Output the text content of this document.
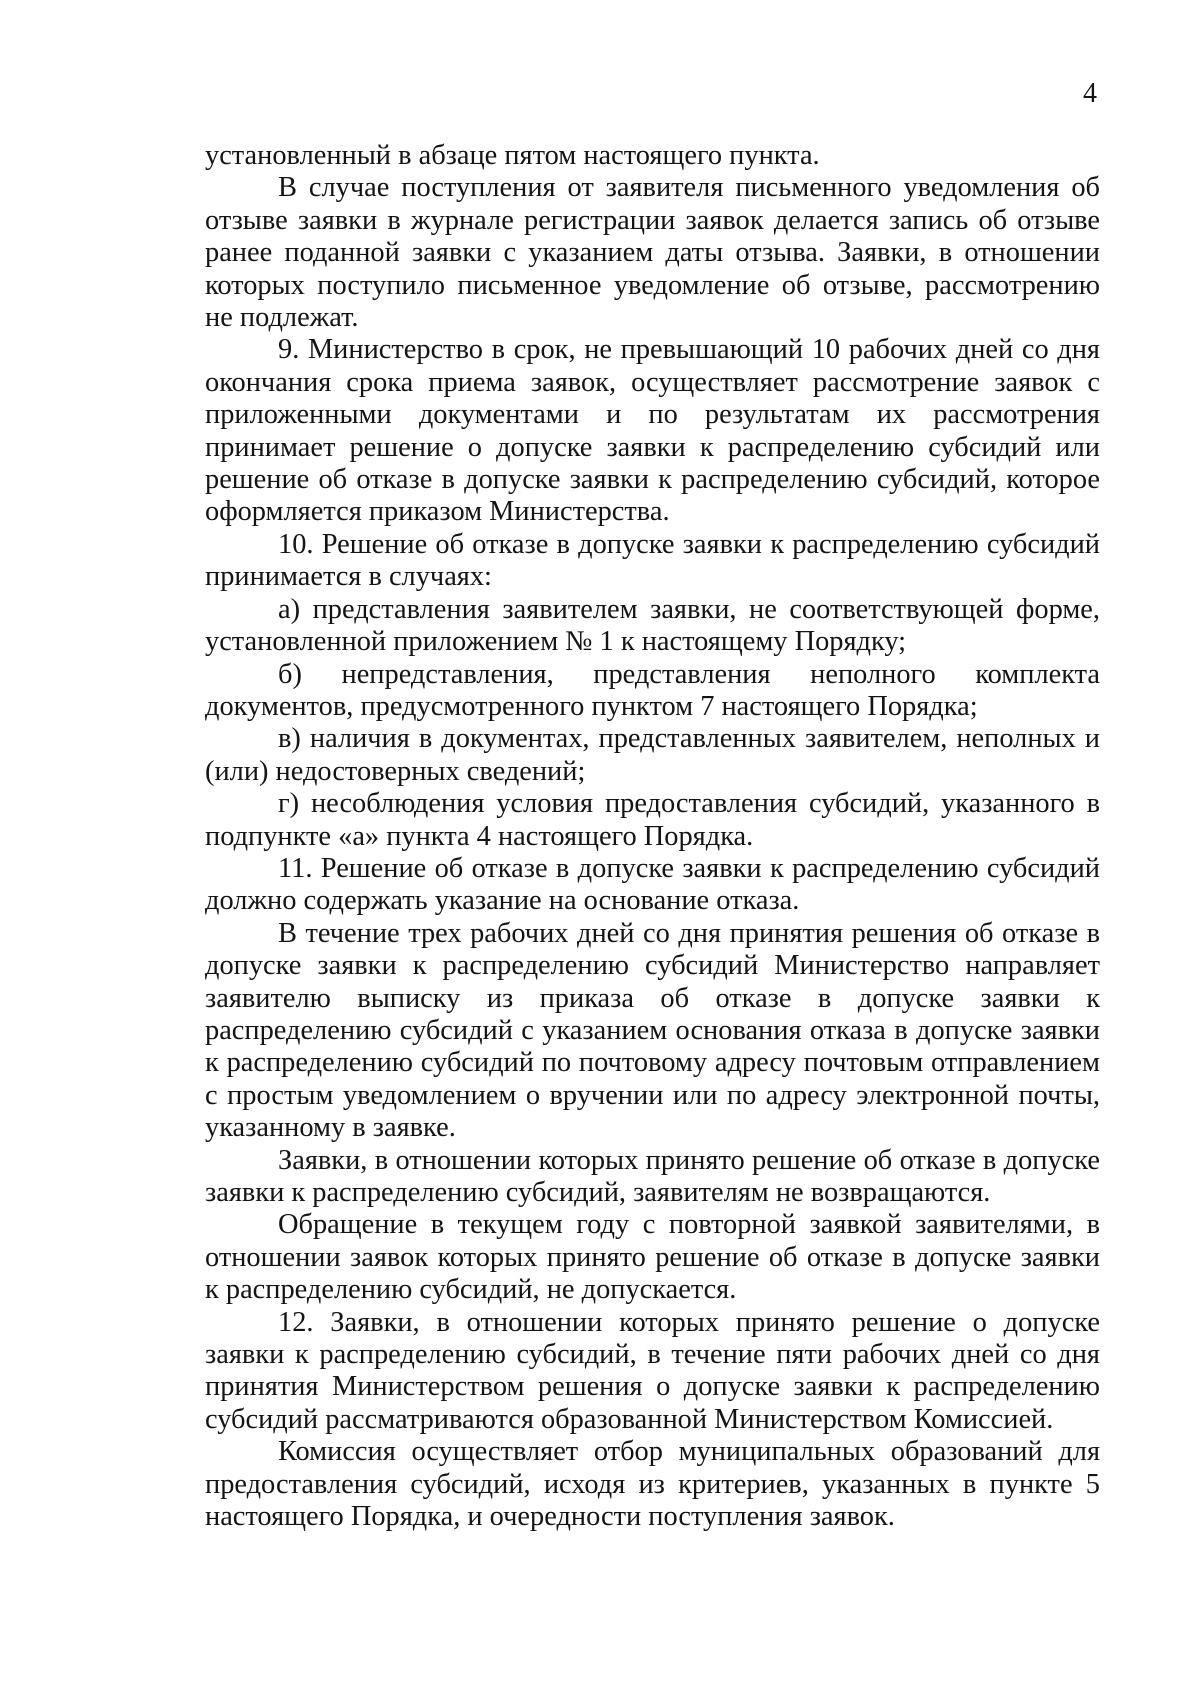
4

установленный в абзаце пятом настоящего пункта.

В случае поступления от заявителя письменного уведомления об отзыве заявки в журнале регистрации заявок делается запись об отзыве ранее поданной заявки с указанием даты отзыва. Заявки, в отношении которых поступило письменное уведомление об отзыве, рассмотрению не подлежат.

9. Министерство в срок, не превышающий 10 рабочих дней со дня окончания срока приема заявок, осуществляет рассмотрение заявок с приложенными документами и по результатам их рассмотрения принимает решение о допуске заявки к распределению субсидий или решение об отказе в допуске заявки к распределению субсидий, которое оформляется приказом Министерства.

10. Решение об отказе в допуске заявки к распределению субсидий принимается в случаях:

а) представления заявителем заявки, не соответствующей форме, установленной приложением № 1 к настоящему Порядку;

б) непредставления, представления неполного комплекта документов, предусмотренного пунктом 7 настоящего Порядка;

в) наличия в документах, представленных заявителем, неполных и (или) недостоверных сведений;

г) несоблюдения условия предоставления субсидий, указанного в подпункте «а» пункта 4 настоящего Порядка.

11. Решение об отказе в допуске заявки к распределению субсидий должно содержать указание на основание отказа.

В течение трех рабочих дней со дня принятия решения об отказе в допуске заявки к распределению субсидий Министерство направляет заявителю выписку из приказа об отказе в допуске заявки к распределению субсидий с указанием основания отказа в допуске заявки к распределению субсидий по почтовому адресу почтовым отправлением с простым уведомлением о вручении или по адресу электронной почты, указанному в заявке.

Заявки, в отношении которых принято решение об отказе в допуске заявки к распределению субсидий, заявителям не возвращаются.

Обращение в текущем году с повторной заявкой заявителями, в отношении заявок которых принято решение об отказе в допуске заявки к распределению субсидий, не допускается.

12. Заявки, в отношении которых принято решение о допуске заявки к распределению субсидий, в течение пяти рабочих дней со дня принятия Министерством решения о допуске заявки к распределению субсидий рассматриваются образованной Министерством Комиссией.

Комиссия осуществляет отбор муниципальных образований для предоставления субсидий, исходя из критериев, указанных в пункте 5 настоящего Порядка, и очередности поступления заявок.
